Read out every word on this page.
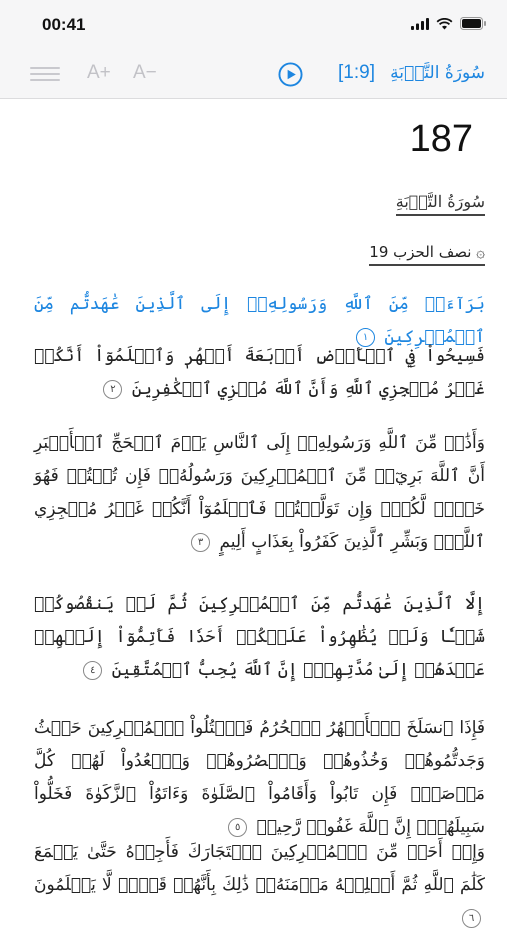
00:41
A+ A−	[1:9] سُورَةُ التَّوۡبَةِ
187
سُورَةُ التَّوۡبَةِ
۞ نصف الحزب 19
بَرَآءَةٞ مِّنَ ٱللَّهِ وَرَسُولِهِۦٓ إِلَى ٱلَّذِينَ عَٰهَدتُّم مِّنَ ٱلۡمُشۡرِكِينَ ١
فَسِيحُواْ فِي ٱلۡأَرۡضِ أَرۡبَعَةَ أَشۡهُرٖ وَٱعۡلَمُوٓاْ أَنَّكُمۡ غَيۡرُ مُعۡجِزِي ٱللَّهِ وَأَنَّ ٱللَّهَ مُخۡزِي ٱلۡكَٰفِرِينَ ٢
وَأَذَٰنٞ مِّنَ ٱللَّهِ وَرَسُولِهِۦٓ إِلَى ٱلنَّاسِ يَوۡمَ ٱلۡحَجِّ ٱلۡأَكۡبَرِ أَنَّ ٱللَّهَ بَرِيٓءٞ مِّنَ ٱلۡمُشۡرِكِينَ وَرَسُولُهُۥۚ فَإِن تُبۡتُمۡ فَهُوَ خَيۡرٞ لَّكُمۡۖ وَإِن تَوَلَّيۡتُمۡ فَٱعۡلَمُوٓاْ أَنَّكُمۡ غَيۡرُ مُعۡجِزِي ٱللَّهِۗ وَبَشِّرِ ٱلَّذِينَ كَفَرُواْ بِعَذَابٍ أَلِيمٍ ٣
إِلَّا ٱلَّذِينَ عَٰهَدتُّم مِّنَ ٱلۡمُشۡرِكِينَ ثُمَّ لَمۡ يَنقُصُوكُمۡ شَيۡـٔٗا وَلَمۡ يُظَٰهِرُواْ عَلَيۡكُمۡ أَحَدٗا فَأَتِمُّوٓاْ إِلَيۡهِمۡ عَهۡدَهُمۡ إِلَىٰ مُدَّتِهِمۡۚ إِنَّ ٱللَّهَ يُحِبُّ ٱلۡمُتَّقِينَ ٤
فَإِذَا ٱنسَلَخَ ٱلۡأَشۡهُرُ ٱلۡحُرُمُ فَٱقۡتُلُواْ ٱلۡمُشۡرِكِينَ حَيۡثُ وَجَدتُّمُوهُمۡ وَخُذُوهُمۡ وَٱحۡصُرُوهُمۡ وَٱقۡعُدُواْ لَهُمۡ كُلَّ مَرۡصَدٖۚ فَإِن تَابُواْ وَأَقَامُواْ ٱلصَّلَوٰةَ وَءَاتَوُاْ ٱلزَّكَوٰةَ فَخَلُّواْ سَبِيلَهُمۡۚ إِنَّ ٱللَّهَ غَفُورٞ رَّحِيمٞ ٥
وَإِنۡ أَحَدٞ مِّنَ ٱلۡمُشۡرِكِينَ ٱسۡتَجَارَكَ فَأَجِرۡهُ حَتَّىٰ يَسۡمَعَ كَلَٰمَ ٱللَّهِ ثُمَّ أَبۡلِغۡهُ مَأۡمَنَهُۥۚ ذَٰلِكَ بِأَنَّهُمۡ قَوۡمٞ لَّا يَعۡلَمُونَ ٦
